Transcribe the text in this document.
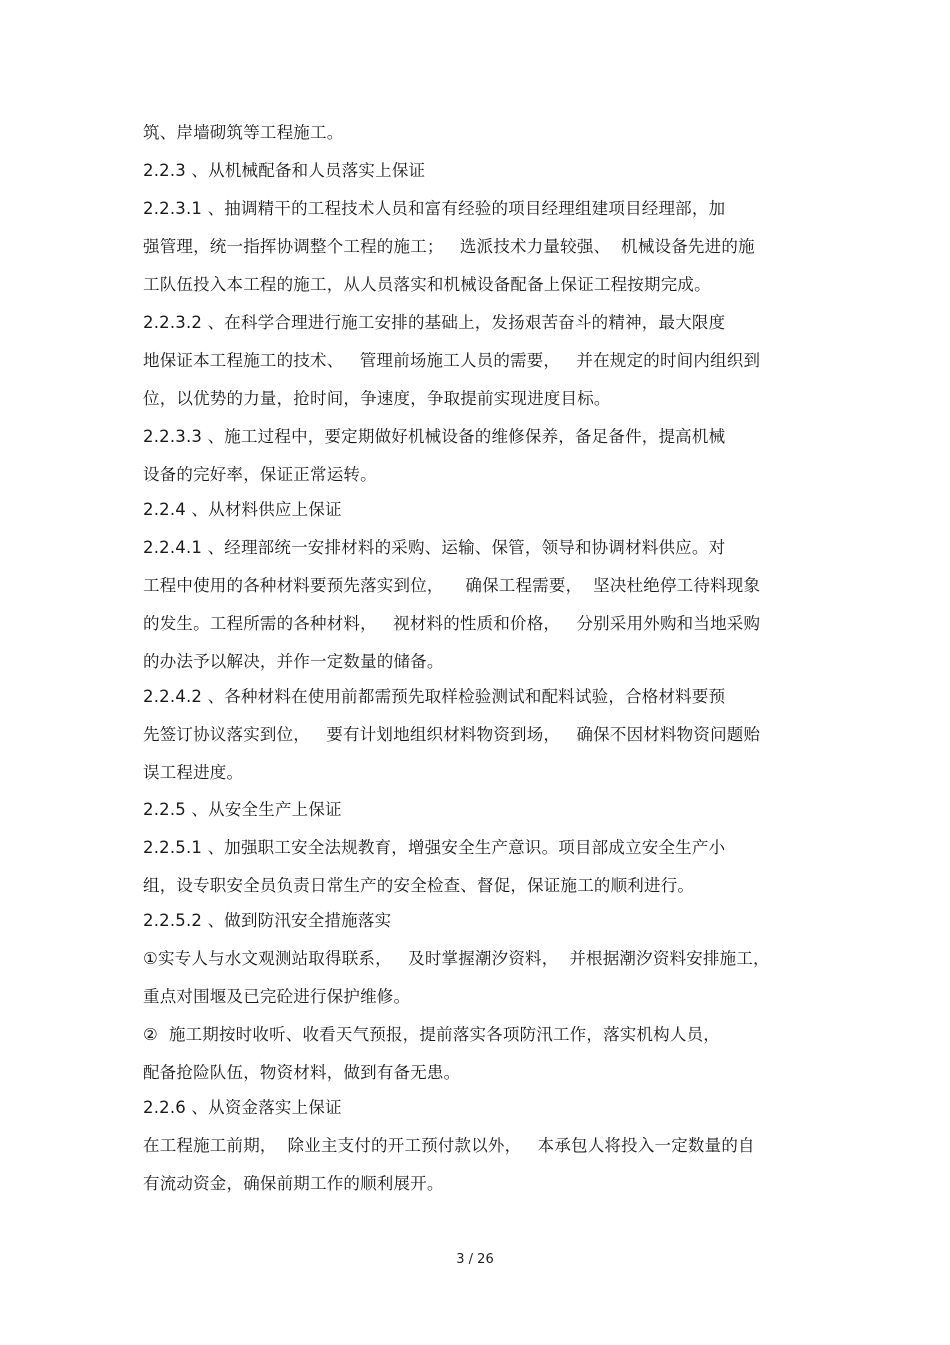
筑、岸墙砌筑等工程施工。
2.2.3 、从机械配备和人员落实上保证
2.2.3.1 、抽调精干的工程技术人员和富有经验的项目经理组建项目经理部，加
强管理，统一指挥协调整个工程的施工；   选派技术力量较强、  机械设备先进的施
工队伍投入本工程的施工，从人员落实和机械设备配备上保证工程按期完成。
2.2.3.2 、在科学合理进行施工安排的基础上，发扬艰苦奋斗的精神，最大限度
地保证本工程施工的技术、   管理前场施工人员的需要，   并在规定的时间内组织到
位，以优势的力量，抢时间，争速度，争取提前实现进度目标。
2.2.3.3 、施工过程中，要定期做好机械设备的维修保养，备足备件，提高机械
设备的完好率，保证正常运转。
2.2.4 、从材料供应上保证
2.2.4.1 、经理部统一安排材料的采购、运输、保管，领导和协调材料供应。对
工程中使用的各种材料要预先落实到位，    确保工程需要，  坚决杜绝停工待料现象
的发生。工程所需的各种材料，   视材料的性质和价格，   分别采用外购和当地采购
的办法予以解决，并作一定数量的储备。
2.2.4.2 、各种材料在使用前都需预先取样检验测试和配料试验，合格材料要预
先签订协议落实到位，   要有计划地组织材料物资到场，   确保不因材料物资问题贻
误工程进度。
2.2.5 、从安全生产上保证
2.2.5.1 、加强职工安全法规教育，增强安全生产意识。项目部成立安全生产小
组，设专职安全员负责日常生产的安全检查、督促，保证施工的顺利进行。
2.2.5.2 、做到防汛安全措施落实
①实专人与水文观测站取得联系，   及时掌握潮汐资料，  并根据潮汐资料安排施工，
重点对围堰及已完砼进行保护维修。
②  施工期按时收听、收看天气预报，提前落实各项防汛工作，落实机构人员，
配备抢险队伍，物资材料，做到有备无患。
2.2.6 、从资金落实上保证
在工程施工前期，  除业主支付的开工预付款以外，   本承包人将投入一定数量的自
有流动资金，确保前期工作的顺利展开。
3 / 26
